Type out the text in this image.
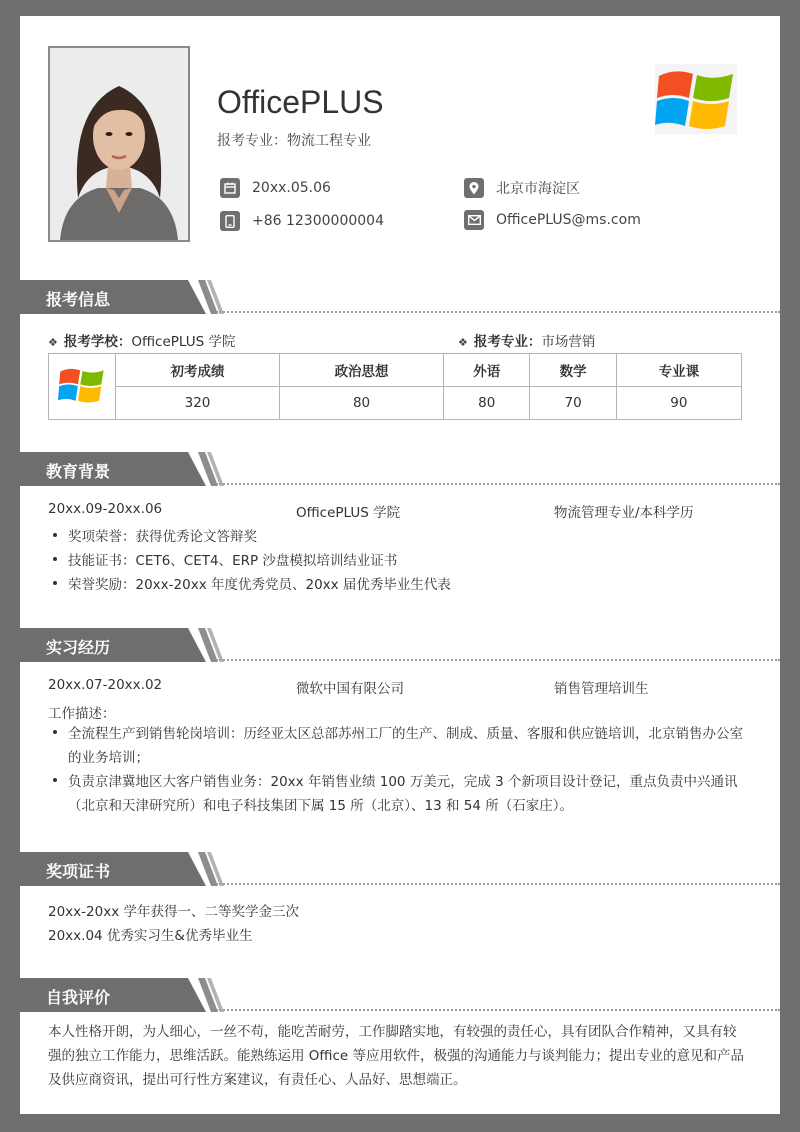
OfficePLUS
报考专业：物流工程专业
20xx.05.06
+86 12300000004
北京市海淀区
OfficePLUS@ms.com
报考信息
❖ 报考学校：OfficePLUS 学院	❖ 报考专业：市场营销
	初考成绩	政治思想	外语	数学	专业课
	320	80	80	70	90
教育背景
20xx.09-20xx.06	OfficePLUS 学院	物流管理专业/本科学历
奖项荣誉：获得优秀论文答辩奖
技能证书：CET6、CET4、ERP 沙盘模拟培训结业证书
荣誉奖励：20xx-20xx 年度优秀党员、20xx 届优秀毕业生代表
实习经历
20xx.07-20xx.02	微软中国有限公司	销售管理培训生
工作描述：
全流程生产到销售轮岗培训：历经亚太区总部苏州工厂的生产、制成、质量、客服和供应链培训，北京销售办公室的业务培训；
负责京津冀地区大客户销售业务：20xx 年销售业绩 100 万美元，完成 3 个新项目设计登记，重点负责中兴通讯（北京和天津研究所）和电子科技集团下属 15 所（北京）、13 和 54 所（石家庄）。
奖项证书
20xx-20xx 学年获得一、二等奖学金三次
20xx.04 优秀实习生&优秀毕业生
自我评价
本人性格开朗，为人细心，一丝不苟，能吃苦耐劳，工作脚踏实地，有较强的责任心，具有团队合作精神，又具有较强的独立工作能力，思维活跃。能熟练运用 Office 等应用软件，极强的沟通能力与谈判能力；提出专业的意见和产品及供应商资讯，提出可行性方案建议，有责任心、人品好、思想端正。
